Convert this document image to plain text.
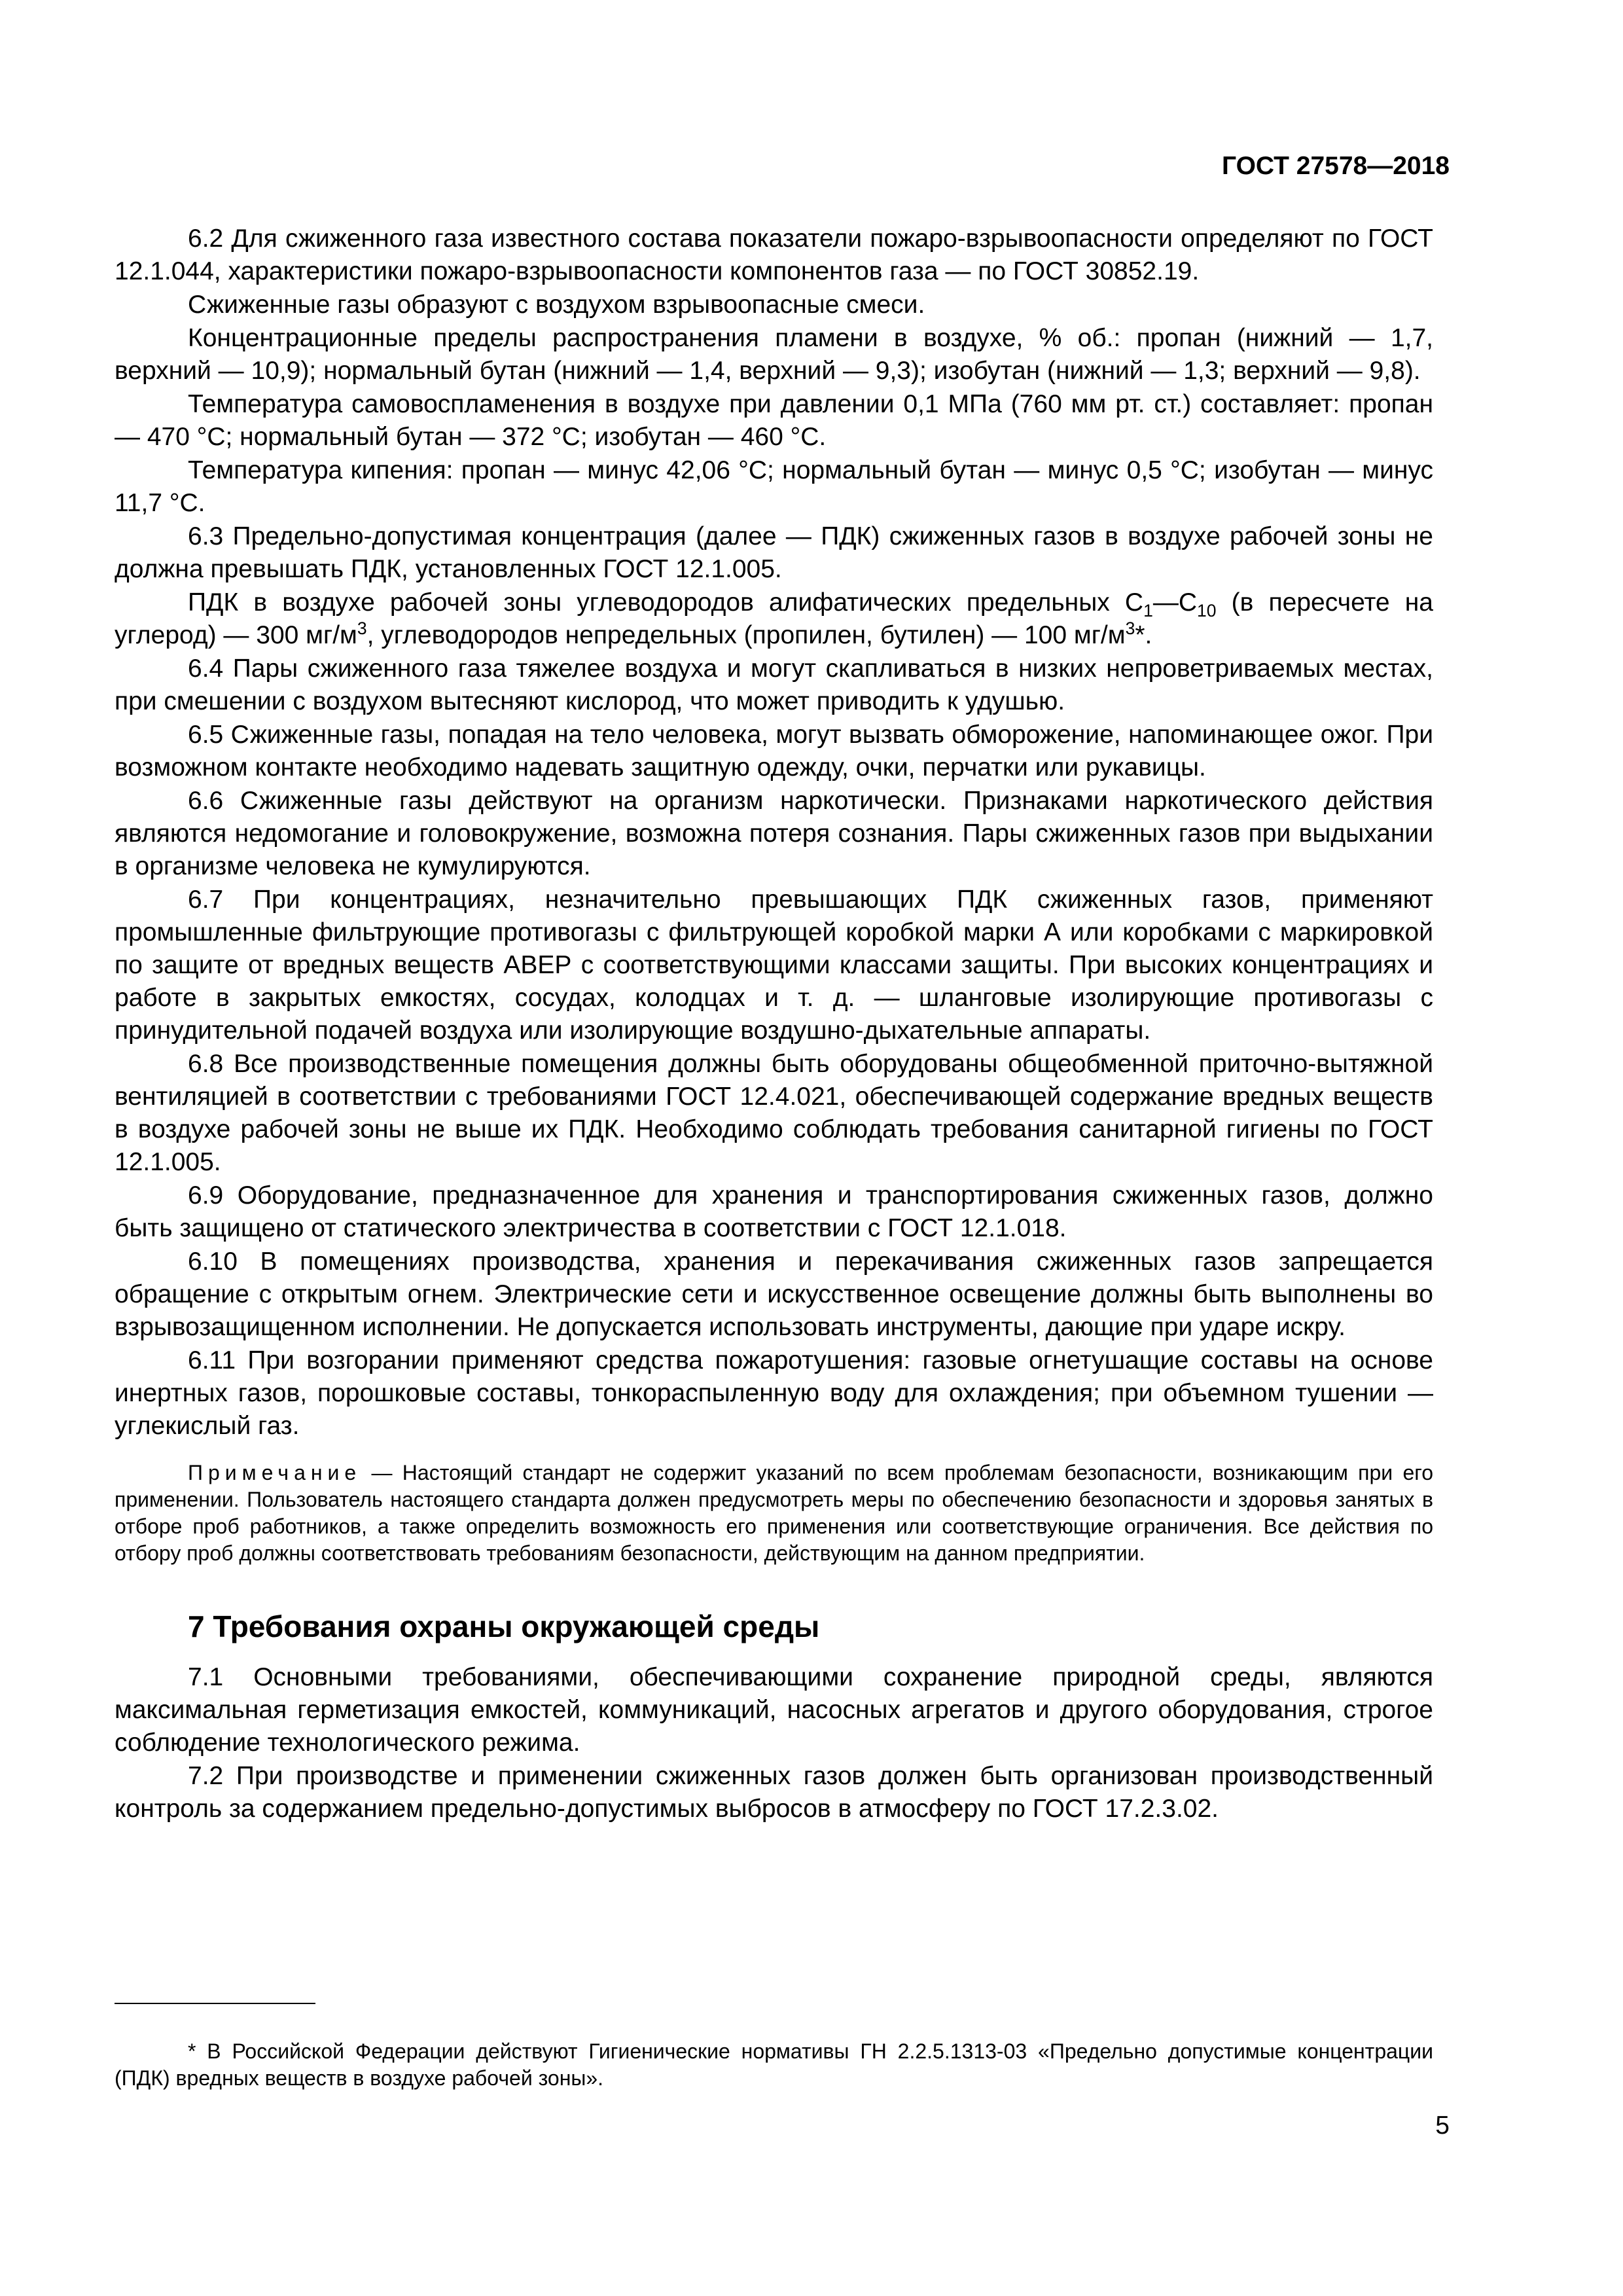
ГОСТ 27578—2018

6.2 Для сжиженного газа известного состава показатели пожаро-взрывоопасности определяют по ГОСТ 12.1.044, характеристики пожаро-взрывоопасности компонентов газа — по ГОСТ 30852.19.

Сжиженные газы образуют с воздухом взрывоопасные смеси.

Концентрационные пределы распространения пламени в воздухе, % об.: пропан (нижний — 1,7, верхний — 10,9); нормальный бутан (нижний — 1,4, верхний — 9,3); изобутан (нижний — 1,3; верхний — 9,8).

Температура самовоспламенения в воздухе при давлении 0,1 МПа (760 мм рт. ст.) составляет: пропан — 470 °С; нормальный бутан — 372 °С; изобутан — 460 °С.

Температура кипения: пропан — минус 42,06 °С; нормальный бутан — минус 0,5 °С; изобутан — минус 11,7 °С.

6.3 Предельно-допустимая концентрация (далее — ПДК) сжиженных газов в воздухе рабочей зоны не должна превышать ПДК, установленных ГОСТ 12.1.005.

ПДК в воздухе рабочей зоны углеводородов алифатических предельных $С_1—С_{10}$ (в пересчете на углерод) — 300 $мг/м^3$, углеводородов непредельных (пропилен, бутилен) — 100 $мг/м^3*$.

6.4 Пары сжиженного газа тяжелее воздуха и могут скапливаться в низких непроветриваемых местах, при смешении с воздухом вытесняют кислород, что может приводить к удушью.

6.5 Сжиженные газы, попадая на тело человека, могут вызвать обморожение, напоминающее ожог. При возможном контакте необходимо надевать защитную одежду, очки, перчатки или рукавицы.

6.6 Сжиженные газы действуют на организм наркотически. Признаками наркотического действия являются недомогание и головокружение, возможна потеря сознания. Пары сжиженных газов при выдыхании в организме человека не кумулируются.

6.7 При концентрациях, незначительно превышающих ПДК сжиженных газов, применяют промышленные фильтрующие противогазы с фильтрующей коробкой марки А или коробками с маркировкой по защите от вредных веществ АВЕР с соответствующими классами защиты. При высоких концентрациях и работе в закрытых емкостях, сосудах, колодцах и т. д. — шланговые изолирующие противогазы с принудительной подачей воздуха или изолирующие воздушно-дыхательные аппараты.

6.8 Все производственные помещения должны быть оборудованы общеобменной приточно-вытяжной вентиляцией в соответствии с требованиями ГОСТ 12.4.021, обеспечивающей содержание вредных веществ в воздухе рабочей зоны не выше их ПДК. Необходимо соблюдать требования санитарной гигиены по ГОСТ 12.1.005.

6.9 Оборудование, предназначенное для хранения и транспортирования сжиженных газов, должно быть защищено от статического электричества в соответствии с ГОСТ 12.1.018.

6.10 В помещениях производства, хранения и перекачивания сжиженных газов запрещается обращение с открытым огнем. Электрические сети и искусственное освещение должны быть выполнены во взрывозащищенном исполнении. Не допускается использовать инструменты, дающие при ударе искру.

6.11 При возгорании применяют средства пожаротушения: газовые огнетушащие составы на основе инертных газов, порошковые составы, тонкораспыленную воду для охлаждения; при объемном тушении — углекислый газ.

Примечание — Настоящий стандарт не содержит указаний по всем проблемам безопасности, возникающим при его применении. Пользователь настоящего стандарта должен предусмотреть меры по обеспечению безопасности и здоровья занятых в отборе проб работников, а также определить возможность его применения или соответствующие ограничения. Все действия по отбору проб должны соответствовать требованиям безопасности, действующим на данном предприятии.

7 Требования охраны окружающей среды

7.1 Основными требованиями, обеспечивающими сохранение природной среды, являются максимальная герметизация емкостей, коммуникаций, насосных агрегатов и другого оборудования, строгое соблюдение технологического режима.

7.2 При производстве и применении сжиженных газов должен быть организован производственный контроль за содержанием предельно-допустимых выбросов в атмосферу по ГОСТ 17.2.3.02.

* В Российской Федерации действуют Гигиенические нормативы ГН 2.2.5.1313-03 «Предельно допустимые концентрации (ПДК) вредных веществ в воздухе рабочей зоны».

5
